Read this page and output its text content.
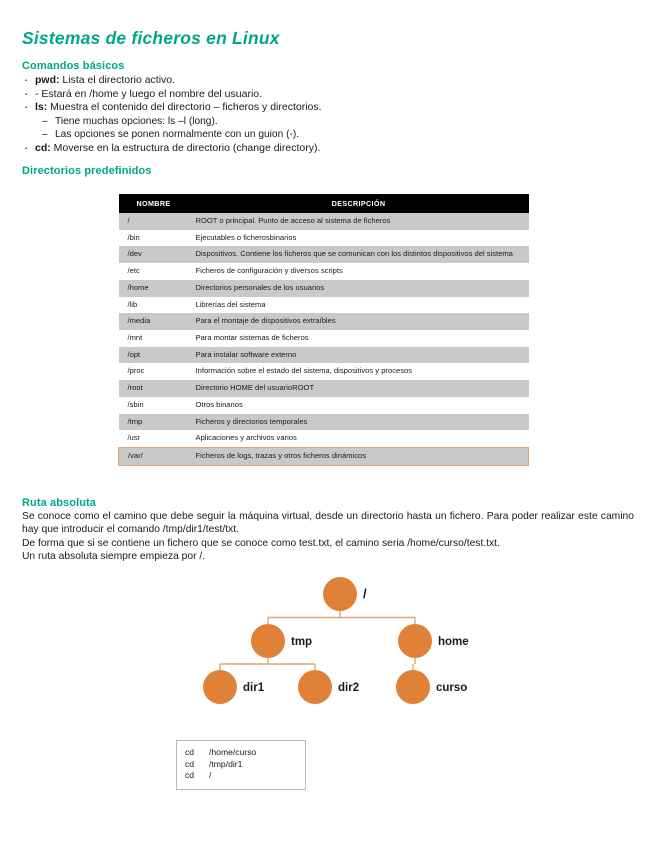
Sistemas de ficheros en Linux
Comandos básicos
· pwd: Lista el directorio activo.
· - Estará en /home y luego el nombre del usuario.
· ls: Muestra el contenido del directorio – ficheros y directorios.
– Tiene muchas opciones: ls –l (long).
– Las opciones se ponen normalmente con un guion (-).
· cd: Moverse en la estructura de directorio (change directory).
Directorios predefinidos
NOMBRE	DESCRIPCIÓN
/	ROOT o principal. Punto de acceso al sistema de ficheros
/bin	Ejecutables o ficherosbinarios
/dev	Dispositivos. Contiene los ficheros que se comunican con los distintos dispositivos del sistema
/etc	Ficheros de configuración y diversos scripts
/home	Directorios personales de los usuarios
/lib	Librerías del sistema
/media	Para el montaje de dispositivos extraíbles
/mnt	Para montar sistemas de ficheros
/opt	Para instalar software externo
/proc	Información sobre el estado del sistema, dispositivos y procesos
/root	Directorio HOME del usuarioROOT
/sbin	Otros binarios
/tmp	Ficheros y directorios temporales
/usr	Aplicaciones y archivos varios
/var/	Ficheros de logs, trazas y otros ficheros dinámicos
Ruta absoluta
Se conoce como el camino que debe seguir la máquina virtual, desde un directorio hasta un fichero. Para poder realizar este camino hay que introducir el comando /tmp/dir1/test/txt.
De forma que si se contiene un fichero que se conoce como test.txt, el camino seria /home/curso/test.txt.
Un ruta absoluta siempre empieza por /.
/
tmp	home
dir1	dir2	curso
cd /home/curso
cd /tmp/dir1
cd /
